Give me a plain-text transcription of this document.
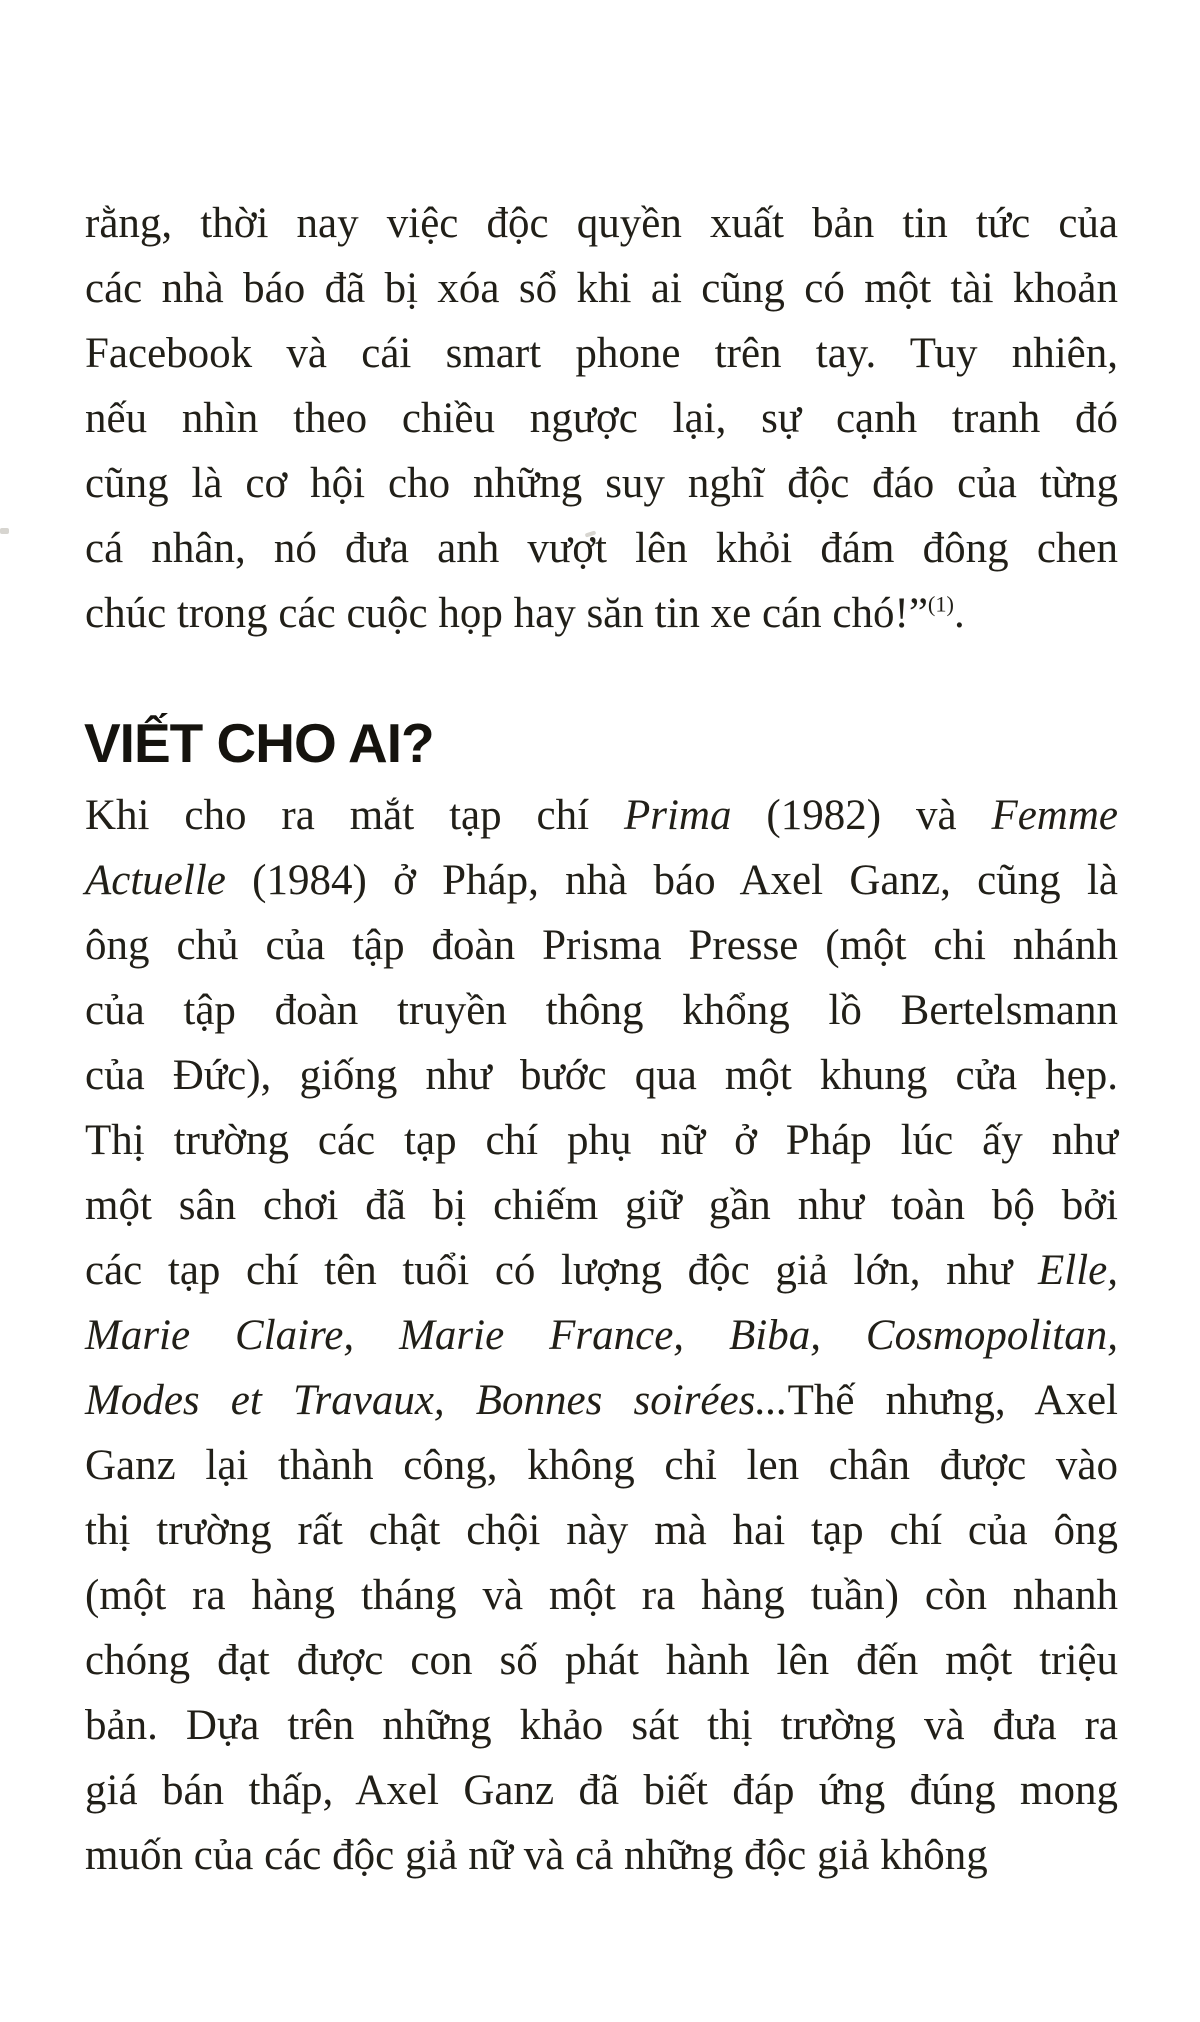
rằng, thời nay việc độc quyền xuất bản tin tức của
các nhà báo đã bị xóa sổ khi ai cũng có một tài khoản
Facebook và cái smart phone trên tay. Tuy nhiên,
nếu nhìn theo chiều ngược lại, sự cạnh tranh đó
cũng là cơ hội cho những suy nghĩ độc đáo của từng
cá nhân, nó đưa anh vượt lên khỏi đám đông chen
chúc trong các cuộc họp hay săn tin xe cán chó!”$^{(1)}$.
VIẾT CHO AI?
Khi cho ra mắt tạp chí Prima (1982) và Femme
Actuelle (1984) ở Pháp, nhà báo Axel Ganz, cũng là
ông chủ của tập đoàn Prisma Presse (một chi nhánh
của tập đoàn truyền thông khổng lồ Bertelsmann
của Đức), giống như bước qua một khung cửa hẹp.
Thị trường các tạp chí phụ nữ ở Pháp lúc ấy như
một sân chơi đã bị chiếm giữ gần như toàn bộ bởi
các tạp chí tên tuổi có lượng độc giả lớn, như Elle,
Marie Claire, Marie France, Biba, Cosmopolitan,
Modes et Travaux, Bonnes soirées...Thế nhưng, Axel
Ganz lại thành công, không chỉ len chân được vào
thị trường rất chật chội này mà hai tạp chí của ông
(một ra hàng tháng và một ra hàng tuần) còn nhanh
chóng đạt được con số phát hành lên đến một triệu
bản. Dựa trên những khảo sát thị trường và đưa ra
giá bán thấp, Axel Ganz đã biết đáp ứng đúng mong
muốn của các độc giả nữ và cả những độc giả không
